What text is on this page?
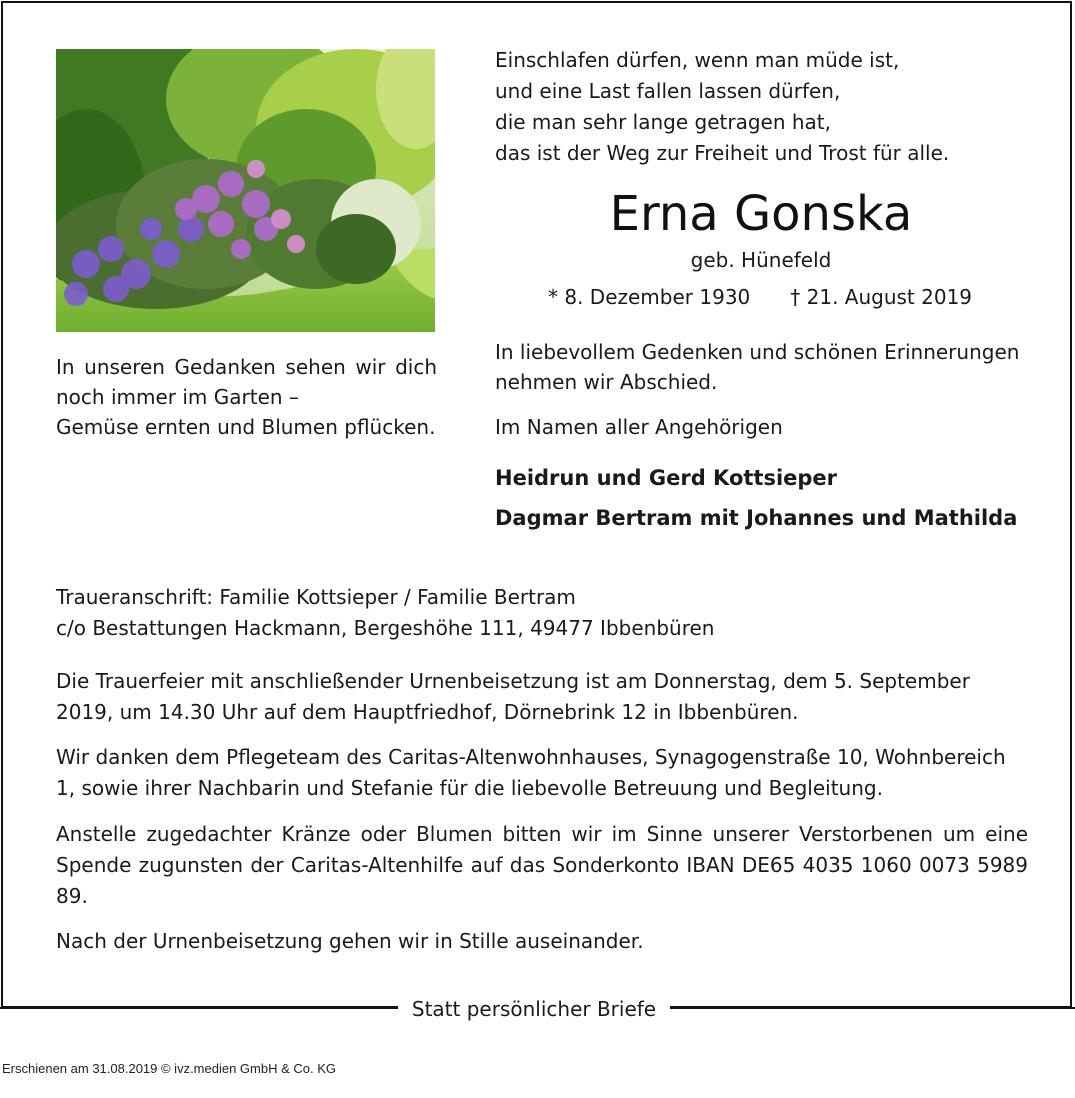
In unseren Gedanken sehen wir dich
noch immer im Garten –
Gemüse ernten und Blumen pflücken.
Einschlafen dürfen, wenn man müde ist,
und eine Last fallen lassen dürfen,
die man sehr lange getragen hat,
das ist der Weg zur Freiheit und Trost für alle.
Erna Gonska
geb. Hünefeld
* 8. Dezember 1930 † 21. August 2019
In liebevollem Gedenken und schönen Erinnerungen
nehmen wir Abschied.
Im Namen aller Angehörigen
Heidrun und Gerd Kottsieper
Dagmar Bertram mit Johannes und Mathilda
Traueranschrift: Familie Kottsieper / Familie Bertram
c/o Bestattungen Hackmann, Bergeshöhe 111, 49477 Ibbenbüren
Die Trauerfeier mit anschließender Urnenbeisetzung ist am Donnerstag, dem 5. September 2019, um 14.30 Uhr auf dem Hauptfriedhof, Dörnebrink 12 in Ibbenbüren.
Wir danken dem Pflegeteam des Caritas-Altenwohnhauses, Synagogenstraße 10, Wohnbereich 1, sowie ihrer Nachbarin und Stefanie für die liebevolle Betreuung und Begleitung.
Anstelle zugedachter Kränze oder Blumen bitten wir im Sinne unserer Verstorbenen um eine Spende zugunsten der Caritas-Altenhilfe auf das Sonderkonto IBAN DE65 4035 1060 0073 5989 89.
Nach der Urnenbeisetzung gehen wir in Stille auseinander.
Statt persönlicher Briefe
Erschienen am 31.08.2019 © ivz.medien GmbH & Co. KG
